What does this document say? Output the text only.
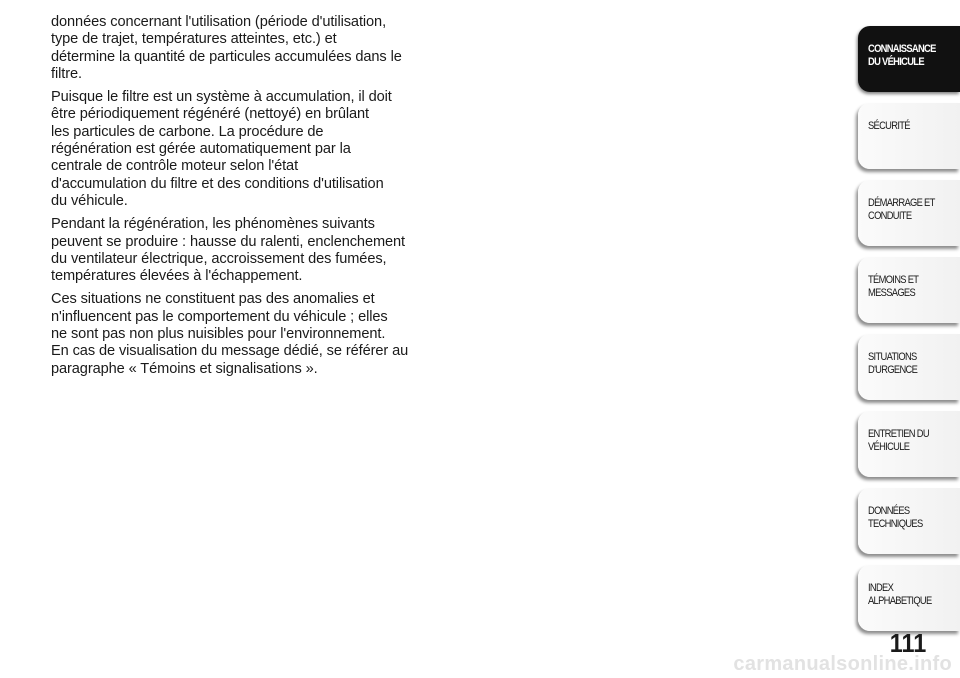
données concernant l'utilisation (période d'utilisation,
type de trajet, températures atteintes, etc.) et
détermine la quantité de particules accumulées dans le
filtre.

Puisque le filtre est un système à accumulation, il doit
être périodiquement régénéré (nettoyé) en brûlant
les particules de carbone. La procédure de
régénération est gérée automatiquement par la
centrale de contrôle moteur selon l'état
d'accumulation du filtre et des conditions d'utilisation
du véhicule.

Pendant la régénération, les phénomènes suivants
peuvent se produire : hausse du ralenti, enclenchement
du ventilateur électrique, accroissement des fumées,
températures élevées à l'échappement.

Ces situations ne constituent pas des anomalies et
n'influencent pas le comportement du véhicule ; elles
ne sont pas non plus nuisibles pour l'environnement.
En cas de visualisation du message dédié, se référer au
paragraphe « Témoins et signalisations ».

CONNAISSANCE
DU VÉHICULE
SÉCURITÉ
DÉMARRAGE ET
CONDUITE
TÉMOINS ET
MESSAGES
SITUATIONS
D'URGENCE
ENTRETIEN DU
VÉHICULE
DONNÉES
TECHNIQUES
INDEX
ALPHABETIQUE
111
carmanualsonline.info
